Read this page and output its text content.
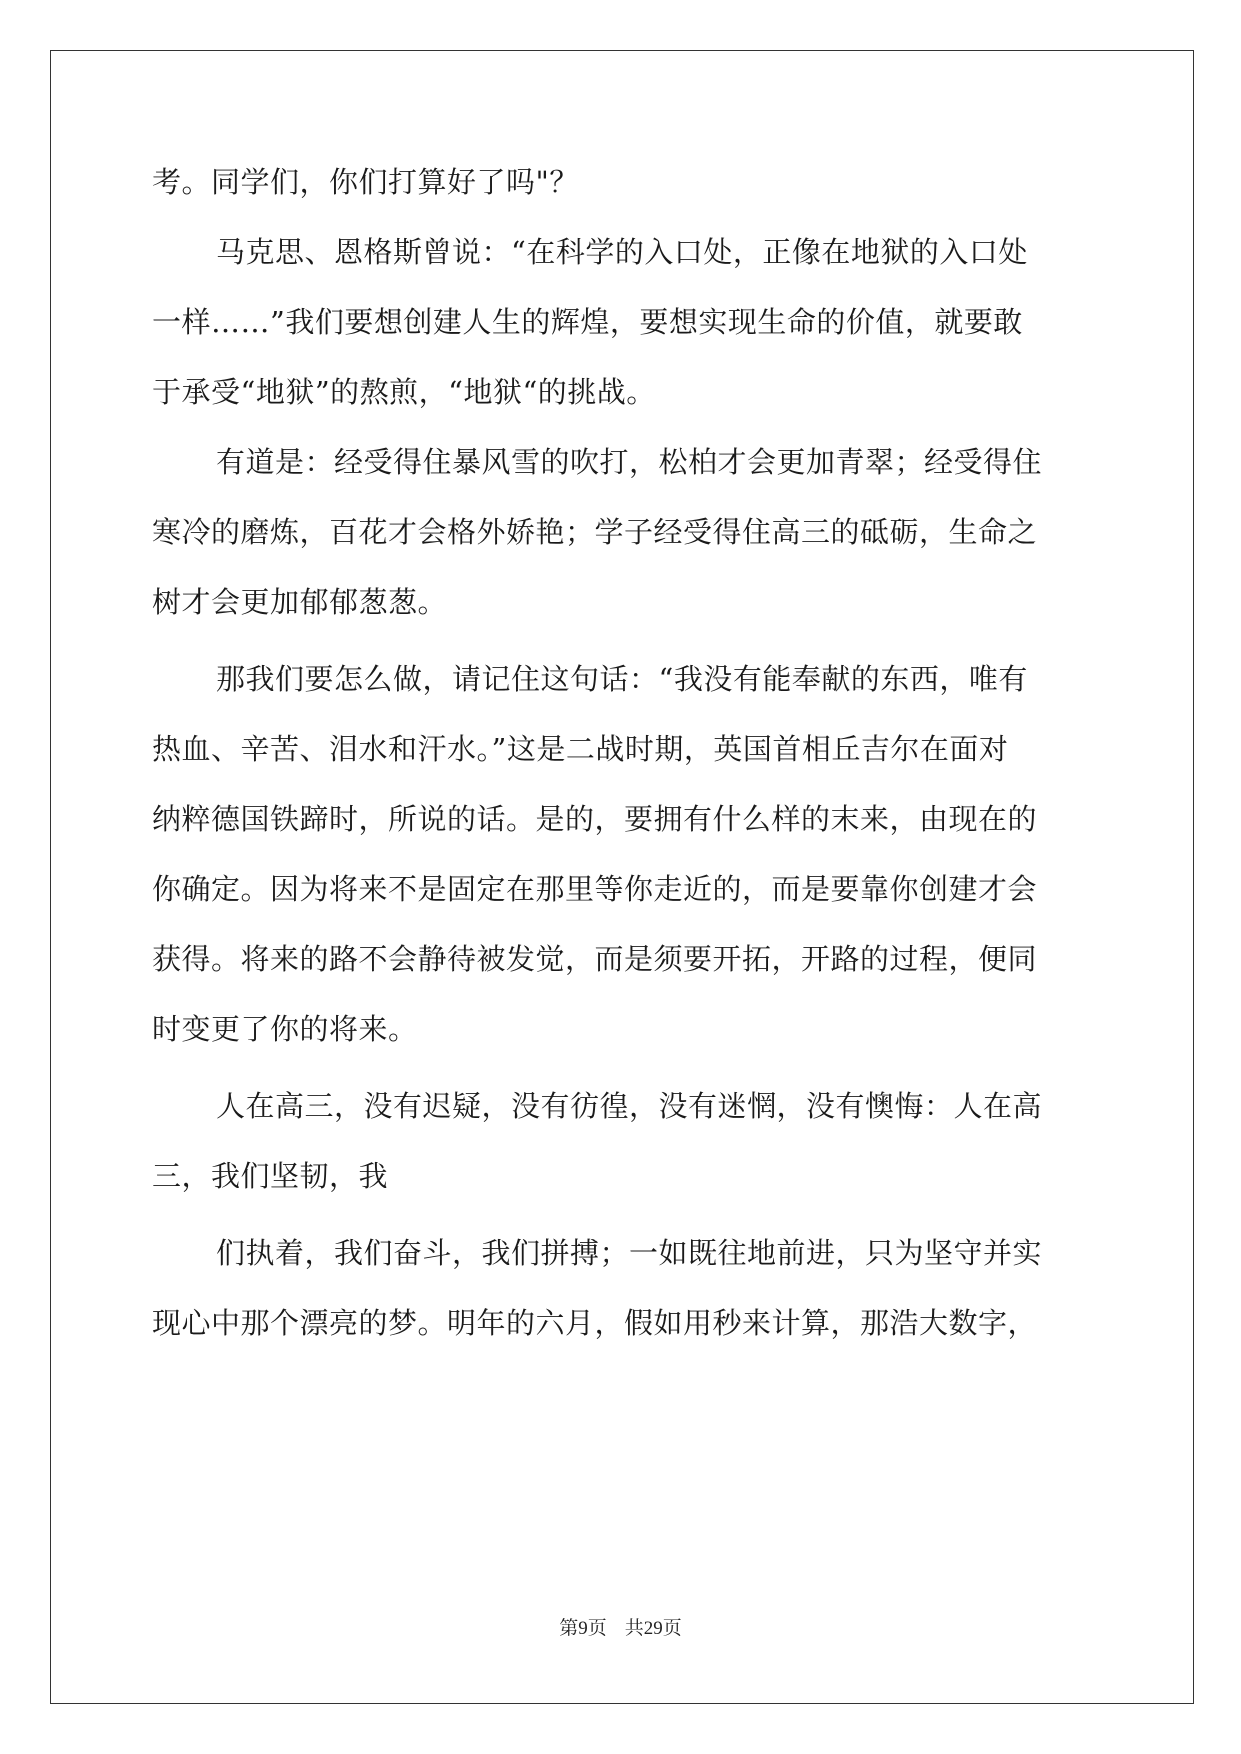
考。同学们，你们打算好了吗"？
马克思、恩格斯曾说：“在科学的入口处，正像在地狱的入口处
一样……”我们要想创建人生的辉煌，要想实现生命的价值，就要敢
于承受“地狱”的熬煎，“地狱“的挑战。
有道是：经受得住暴风雪的吹打，松柏才会更加青翠；经受得住
寒冷的磨炼，百花才会格外娇艳；学子经受得住高三的砥砺，生命之
树才会更加郁郁葱葱。
那我们要怎么做，请记住这句话：“我没有能奉献的东西，唯有
热血、辛苦、泪水和汗水。”这是二战时期，英国首相丘吉尔在面对
纳粹德国铁蹄时，所说的话。是的，要拥有什么样的末来，由现在的
你确定。因为将来不是固定在那里等你走近的，而是要靠你创建才会
获得。将来的路不会静待被发觉，而是须要开拓，开路的过程，便同
时变更了你的将来。
人在高三，没有迟疑，没有彷徨，没有迷惘，没有懊悔：人在高
三，我们坚韧，我
们执着，我们奋斗，我们拼搏；一如既往地前进，只为坚守并实
现心中那个漂亮的梦。明年的六月，假如用秒来计算，那浩大数字，
第9页 共29页
